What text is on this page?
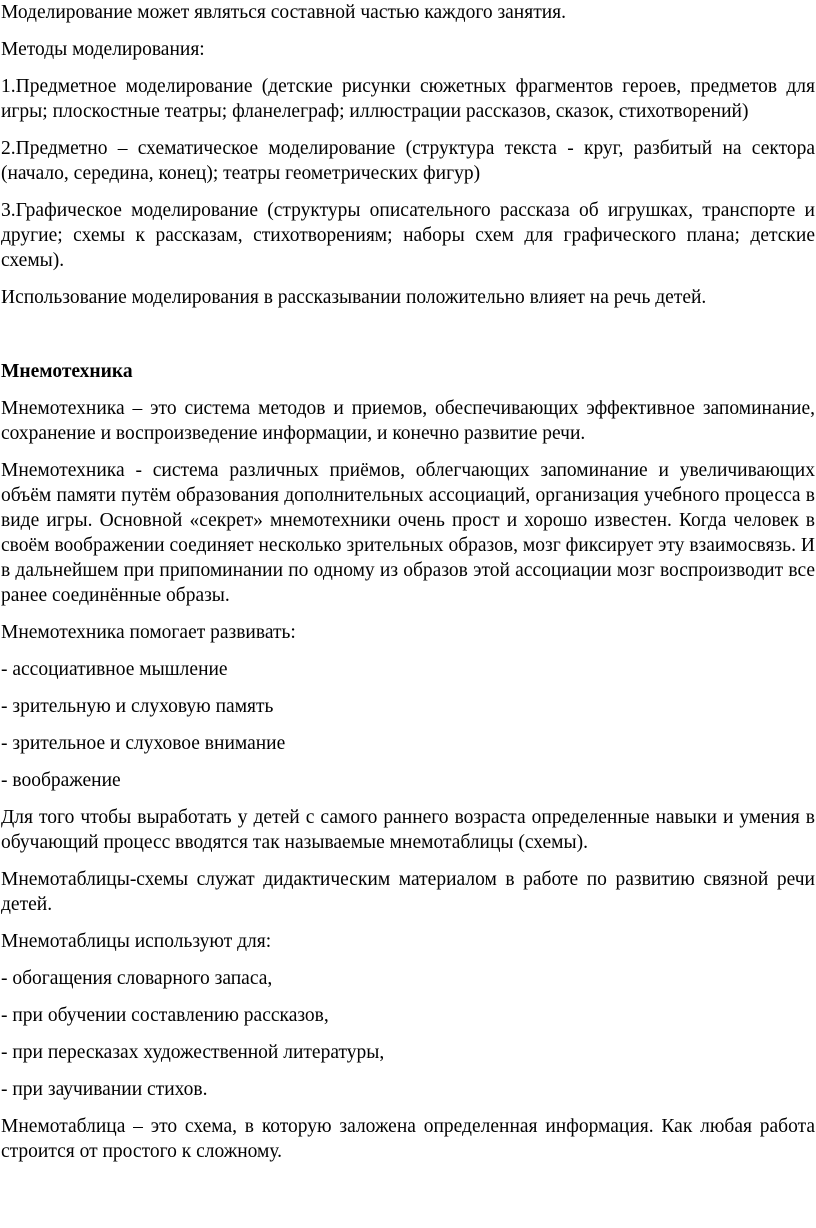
Моделирование может являться составной частью каждого занятия.

Методы моделирования:

1.Предметное моделирование (детские рисунки сюжетных фрагментов героев, предметов для игры; плоскостные театры; фланелеграф; иллюстрации рассказов, сказок, стихотворений)

2.Предметно – схематическое моделирование (структура текста - круг, разбитый на сектора (начало, середина, конец); театры геометрических фигур)

3.Графическое моделирование (структуры описательного рассказа об игрушках, транспорте и другие; схемы к рассказам, стихотворениям; наборы схем для графического плана; детские схемы).

Использование моделирования в рассказывании положительно влияет на речь детей.

Мнемотехника

Мнемотехника – это система методов и приемов, обеспечивающих эффективное запоминание, сохранение и воспроизведение информации, и конечно развитие речи.

Мнемотехника - система различных приёмов, облегчающих запоминание и увеличивающих объём памяти путём образования дополнительных ассоциаций, организация учебного процесса в виде игры. Основной «секрет» мнемотехники очень прост и хорошо известен. Когда человек в своём воображении соединяет несколько зрительных образов, мозг фиксирует эту взаимосвязь. И в дальнейшем при припоминании по одному из образов этой ассоциации мозг воспроизводит все ранее соединённые образы.

Мнемотехника помогает развивать:

- ассоциативное мышление

- зрительную и слуховую память

- зрительное и слуховое внимание

- воображение

Для того чтобы выработать у детей с самого раннего возраста определенные навыки и умения в обучающий процесс вводятся так называемые мнемотаблицы (схемы).

Мнемотаблицы-схемы служат дидактическим материалом в работе по развитию связной речи детей.

Мнемотаблицы используют для:

- обогащения словарного запаса,

- при обучении составлению рассказов,

- при пересказах художественной литературы,

- при заучивании стихов.

Мнемотаблица – это схема, в которую заложена определенная информация. Как любая работа строится от простого к сложному.
